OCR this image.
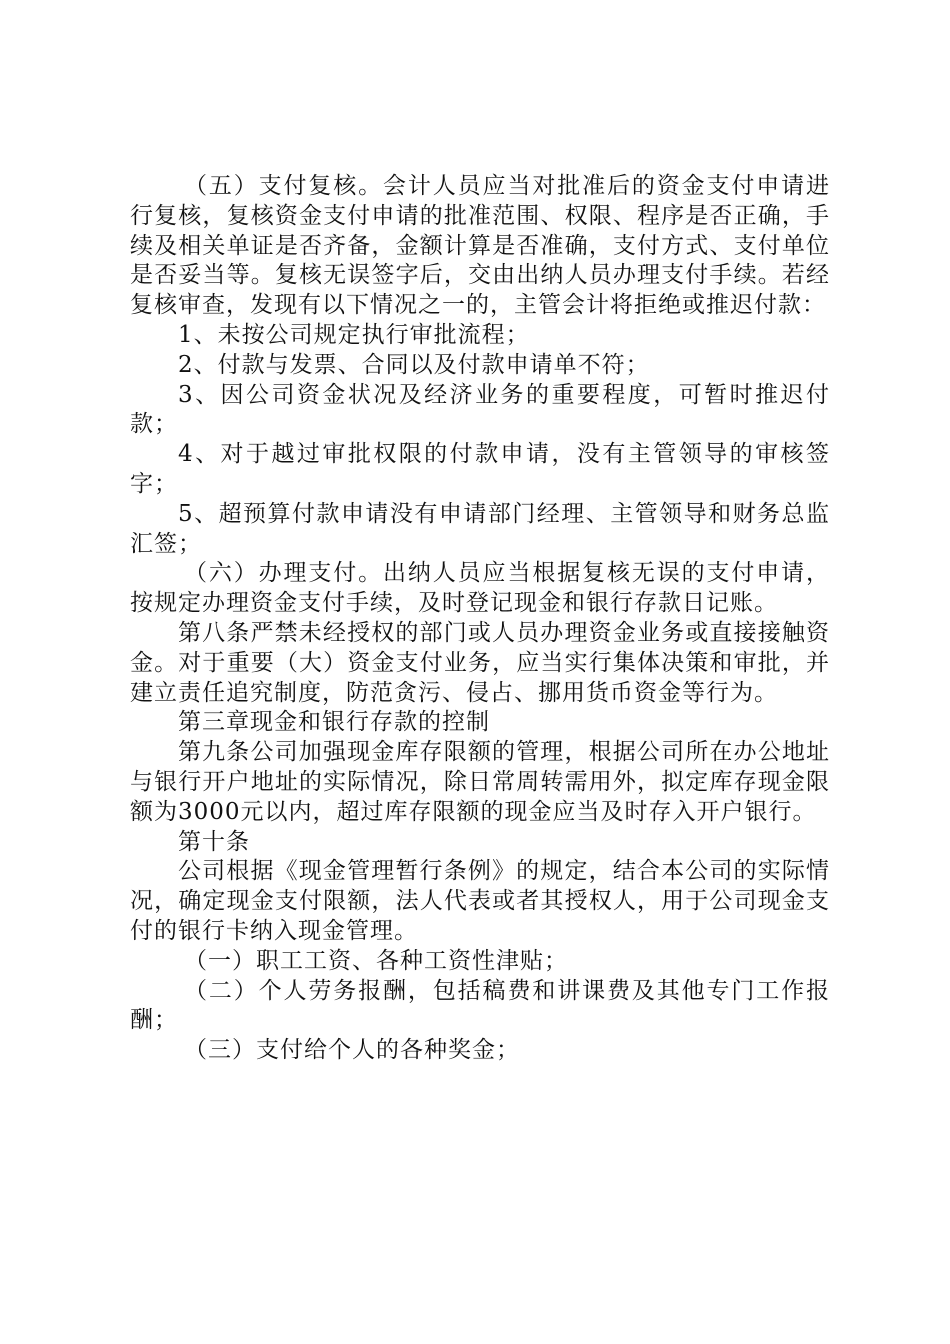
（五）支付复核。会计人员应当对批准后的资金支付申请进行复核，复核资金支付申请的批准范围、权限、程序是否正确，手续及相关单证是否齐备，金额计算是否准确，支付方式、支付单位是否妥当等。复核无误签字后，交由出纳人员办理支付手续。若经复核审查，发现有以下情况之一的，主管会计将拒绝或推迟付款：

1、未按公司规定执行审批流程；

2、付款与发票、合同以及付款申请单不符；

3、因公司资金状况及经济业务的重要程度，可暂时推迟付款；

4、对于越过审批权限的付款申请，没有主管领导的审核签字；

5、超预算付款申请没有申请部门经理、主管领导和财务总监汇签；

（六）办理支付。出纳人员应当根据复核无误的支付申请，按规定办理资金支付手续，及时登记现金和银行存款日记账。

第八条严禁未经授权的部门或人员办理资金业务或直接接触资金。对于重要（大）资金支付业务，应当实行集体决策和审批，并建立责任追究制度，防范贪污、侵占、挪用货币资金等行为。

第三章现金和银行存款的控制

第九条公司加强现金库存限额的管理，根据公司所在办公地址与银行开户地址的实际情况，除日常周转需用外，拟定库存现金限额为3000元以内，超过库存限额的现金应当及时存入开户银行。

第十条

公司根据《现金管理暂行条例》的规定，结合本公司的实际情况，确定现金支付限额，法人代表或者其授权人，用于公司现金支付的银行卡纳入现金管理。

（一）职工工资、各种工资性津贴；

（二）个人劳务报酬，包括稿费和讲课费及其他专门工作报酬；

（三）支付给个人的各种奖金；
